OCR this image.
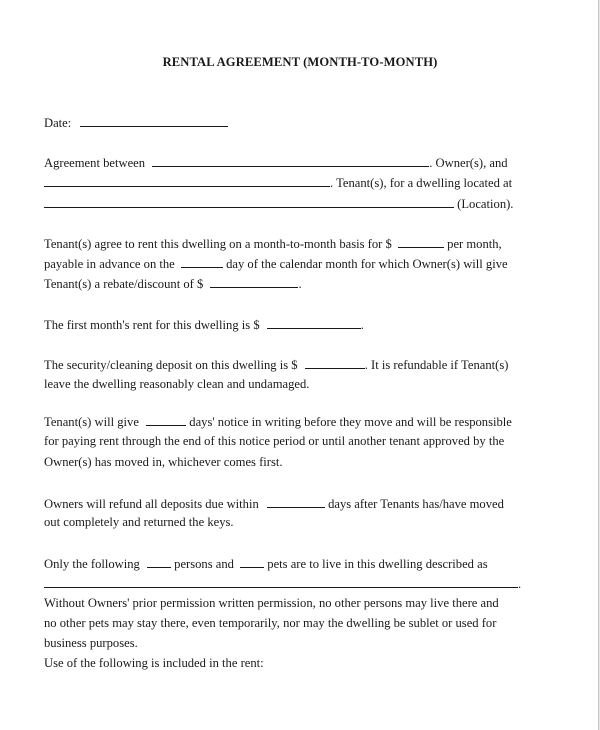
RENTAL AGREEMENT (MONTH-TO-MONTH)
Date:
Agreement between	. Owner(s), and
. Tenant(s), for a dwelling located at
(Location).
Tenant(s) agree to rent this dwelling on a month-to-month basis for $	per month,
payable in advance on the	day of the calendar month for which Owner(s) will give
Tenant(s) a rebate/discount of $	.
The first month's rent for this dwelling is $	.
The security/cleaning deposit on this dwelling is $	. It is refundable if Tenant(s)
leave the dwelling reasonably clean and undamaged.
Tenant(s) will give	days' notice in writing before they move and will be responsible
for paying rent through the end of this notice period or until another tenant approved by the
Owner(s) has moved in, whichever comes first.
Owners will refund all deposits due within	days after Tenants has/have moved
out completely and returned the keys.
Only the following	persons and	pets are to live in this dwelling described as
.
Without Owners' prior permission written permission, no other persons may live there and
no other pets may stay there, even temporarily, nor may the dwelling be sublet or used for
business purposes.
Use of the following is included in the rent:
